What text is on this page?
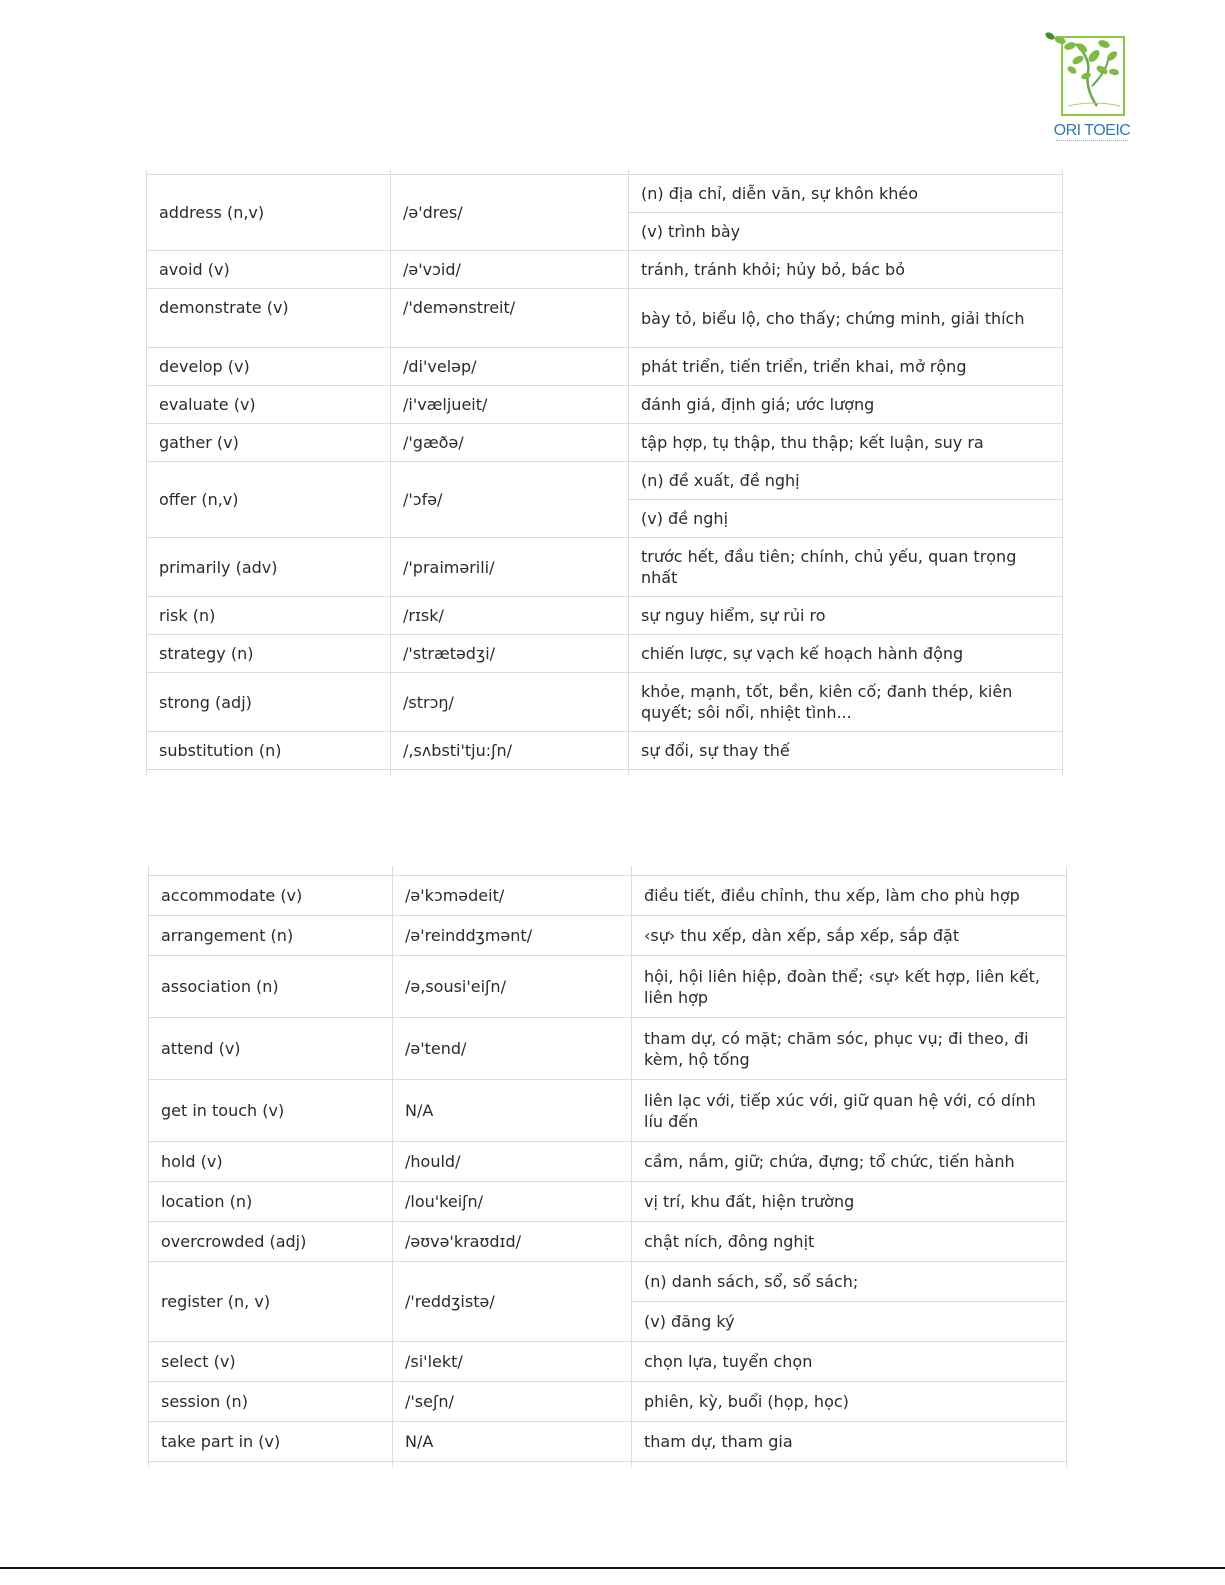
ORI TOEIC

address (n,v)	/ə'dres/	(n) địa chỉ, diễn văn, sự khôn khéo
		(v) trình bày
avoid (v)	/ə'vɔid/	tránh, tránh khỏi; hủy bỏ, bác bỏ
demonstrate (v)	/'deməns​treit/	bày tỏ, biểu lộ, cho thấy; chứng minh, giải thích
develop (v)	/di'veləp/	phát triển, tiến triển, triển khai, mở rộng
evaluate (v)	/i'væljueit/	đánh giá, định giá; ước lượng
gather (v)	/'gæðə/	tập hợp, tụ thập, thu thập; kết luận, suy ra
offer (n,v)	/'ɔfə/	(n) đề xuất, đề nghị
		(v) đề nghị
primarily (adv)	/'praimərili/	trước hết, đầu tiên; chính, chủ yếu, quan trọng nhất
risk (n)	/rɪsk/	sự nguy hiểm, sự rủi ro
strategy (n)	/'strætədʒi/	chiến lược, sự vạch kế hoạch hành động
strong (adj)	/strɔŋ/	khỏe, mạnh, tốt, bền, kiên cố; đanh thép, kiên quyết; sôi nổi, nhiệt tình...
substitution (n)	/,sʌbsti'tju:ʃn/	sự đổi, sự thay thế

accommodate (v)	/ə'kɔmədeit/	điều tiết, điều chỉnh, thu xếp, làm cho phù hợp
arrangement (n)	/ə'reinddʒmənt/	‹sự› thu xếp, dàn xếp, sắp xếp, sắp đặt
association (n)	/ə,sousi'eiʃn/	hội, hội liên hiệp, đoàn thể; ‹sự› kết hợp, liên kết, liên hợp
attend (v)	/ə'tend/	tham dự, có mặt; chăm sóc, phục vụ; đi theo, đi kèm, hộ tống
get in touch (v)	N/A	liên lạc với, tiếp xúc với, giữ quan hệ với, có dính líu đến
hold (v)	/hould/	cầm, nắm, giữ; chứa, đựng; tổ chức, tiến hành
location (n)	/lou'keiʃn/	vị trí, khu đất, hiện trường
overcrowded (adj)	/əʊvə'kraʊdɪd/	chật ních, đông nghịt
register (n, v)	/'reddʒistə/	(n) danh sách, sổ, sổ sách;
		(v) đăng ký
select (v)	/si'lekt/	chọn lựa, tuyển chọn
session (n)	/'seʃn/	phiên, kỳ, buổi (họp, học)
take part in (v)	N/A	tham dự, tham gia
